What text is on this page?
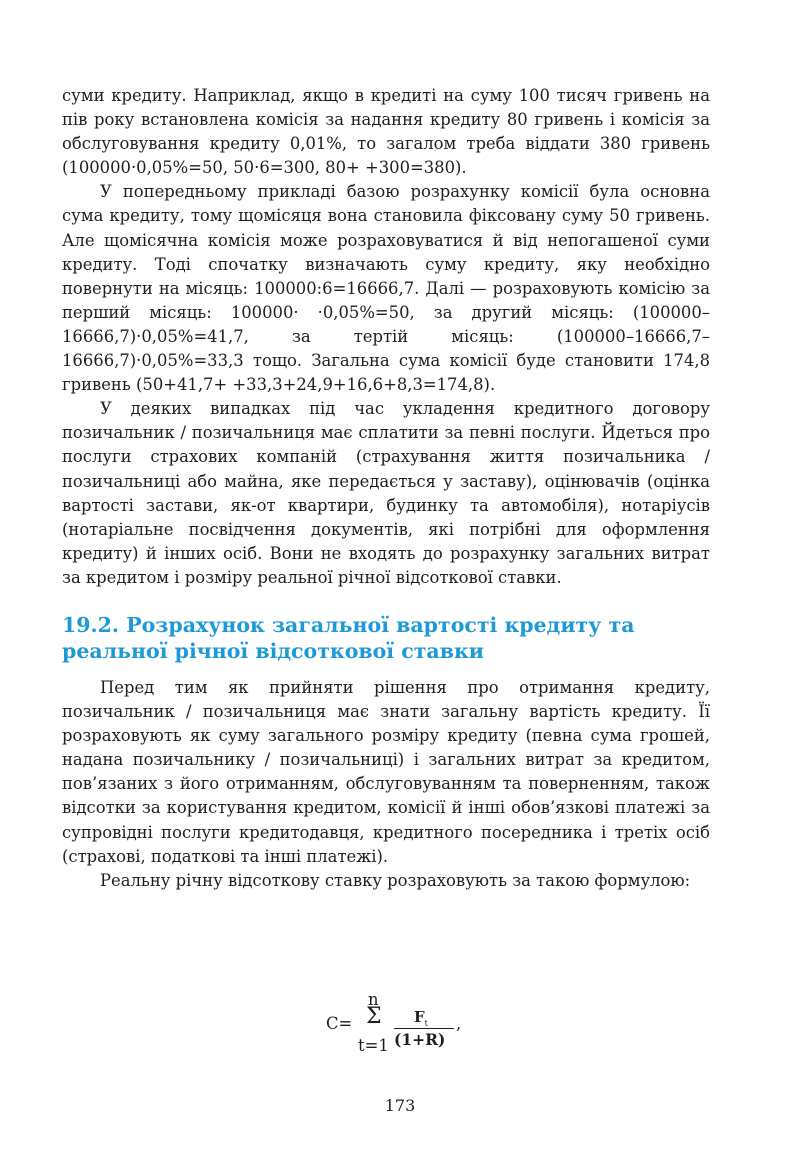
суми кредиту. Наприклад, якщо в кредиті на суму 100 тисяч гривень на пів року встановлена комісія за надання кредиту 80 гривень і комісія за обслуговування кредиту 0,01%, то загалом треба віддати 380 гривень (100000·0,05%=50, 50·6=300, 80+ +300=380).

У попередньому прикладі базою розрахунку комісії була основна сума кредиту, тому щомісяця вона становила фіксовану суму 50 гривень. Але щомісячна комісія може розраховуватися й від непогашеної суми кредиту. Тоді спочатку визначають суму кредиту, яку необхідно повернути на місяць: 100000:6=16666,7. Далі — розраховують комісію за перший місяць: 100000· ·0,05%=50, за другий місяць: (100000–16666,7)·0,05%=41,7, за тертій місяць: (100000–16666,7–16666,7)·0,05%=33,3 тощо. Загальна сума комісії буде становити 174,8 гривень (50+41,7+ +33,3+24,9+16,6+8,3=174,8).

У деяких випадках під час укладення кредитного договору позичальник / позичальниця має сплатити за певні послуги. Йдеться про послуги страхових компаній (страхування життя позичальника / позичальниці або майна, яке передається у заставу), оцінювачів (оцінка вартості застави, як-от квартири, будинку та автомобіля), нотаріусів (нотаріальне посвідчення документів, які потрібні для оформлення кредиту) й інших осіб. Вони не входять до розрахунку загальних витрат за кредитом і розміру реальної річної відсоткової ставки.

19.2. Розрахунок загальної вартості кредиту та реальної річної відсоткової ставки

Перед тим як прийняти рішення про отримання кредиту, позичальник / позичальниця має знати загальну вартість кредиту. Її розраховують як суму загального розміру кредиту (певна сума грошей, надана позичальнику / позичальниці) і загальних витрат за кредитом, пов’язаних з його отриманням, обслуговуванням та поверненням, також відсотки за користування кредитом, комісії й інші обов’язкові платежі за супровідні послуги кредитодавця, кредитного посередника і третіх осіб (страхові, податкові та інші платежі).

Реальну річну відсоткову ставку розраховують за такою формулою:

C=
n
Σ
t=1
$F_t$
(1+R)
,
173
